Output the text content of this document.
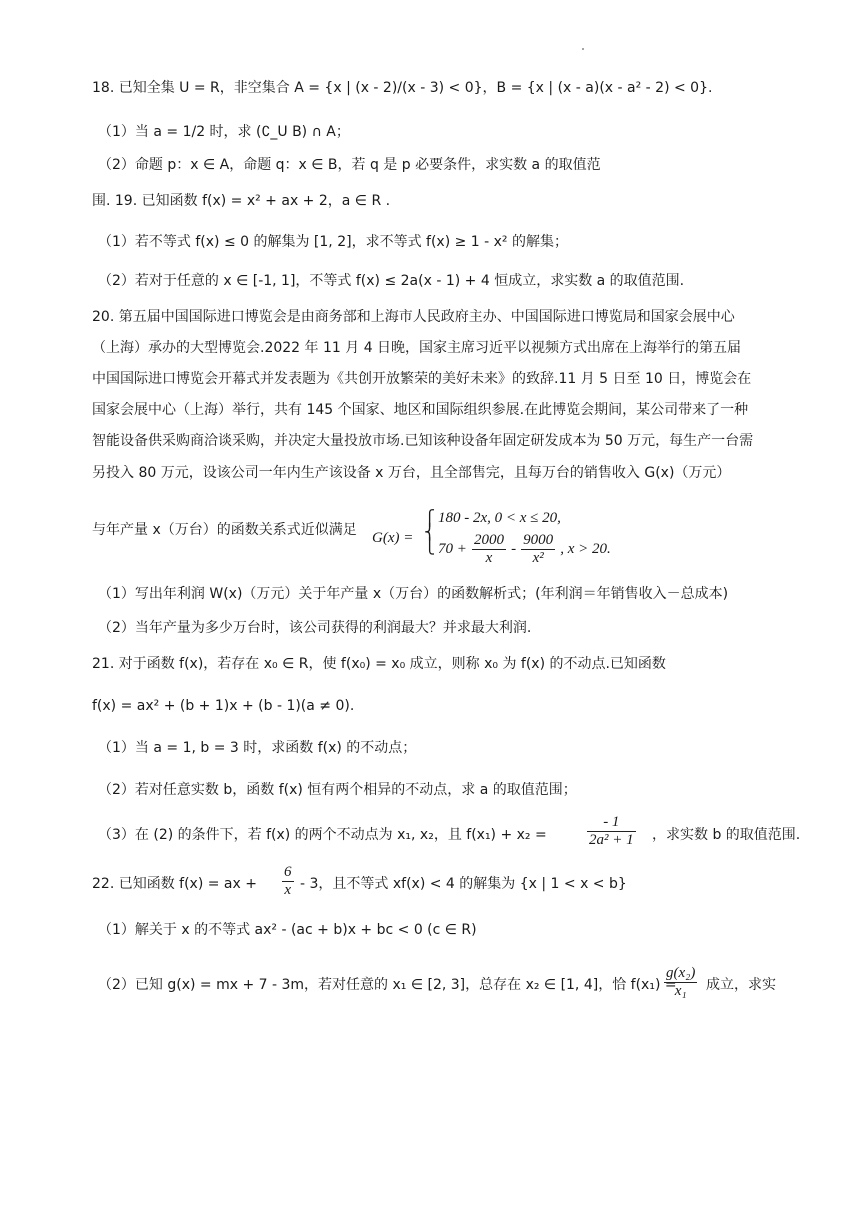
18. 已知全集 U = R，非空集合 A = {x | (x - 2)/(x - 3) < 0}，B = {x | (x - a)(x - a² - 2) < 0}.
（1）当 a = 1/2 时，求 (∁_U B) ∩ A；
（2）命题 p：x ∈ A，命题 q：x ∈ B，若 q 是 p 必要条件，求实数 a 的取值范
围. 19. 已知函数 f(x) = x² + ax + 2，a ∈ R .
（1）若不等式 f(x) ≤ 0 的解集为 [1, 2]，求不等式 f(x) ≥ 1 - x² 的解集；
（2）若对于任意的 x ∈ [-1, 1]，不等式 f(x) ≤ 2a(x - 1) + 4 恒成立，求实数 a 的取值范围.
20. 第五届中国国际进口博览会是由商务部和上海市人民政府主办、中国国际进口博览局和国家会展中心
（上海）承办的大型博览会.2022 年 11 月 4 日晚，国家主席习近平以视频方式出席在上海举行的第五届
中国国际进口博览会开幕式并发表题为《共创开放繁荣的美好未来》的致辞.11 月 5 日至 10 日，博览会在
国家会展中心（上海）举行，共有 145 个国家、地区和国际组织参展.在此博览会期间，某公司带来了一种
智能设备供采购商洽谈采购，并决定大量投放市场.已知该种设备年固定研发成本为 50 万元，每生产一台需
另投入 80 万元，设该公司一年内生产该设备 x 万台，且全部售完，且每万台的销售收入 G(x)（万元）
与年产量 x（万台）的函数关系式近似满足 G(x) =
⎧
⎨
⎩
180 - 2x, 0 < x ≤ 20,
$70 + \frac{2000}{x} - \frac{9000}{\text{x²}}$ , x > 20.
（1）写出年利润 W(x)（万元）关于年产量 x（万台）的函数解析式；(年利润＝年销售收入－总成本)
（2）当年产量为多少万台时，该公司获得的利润最大？并求最大利润.
21. 对于函数 f(x)，若存在 x₀ ∈ R，使 f(x₀) = x₀ 成立，则称 x₀ 为 f(x) 的不动点.已知函数
f(x) = ax² + (b + 1)x + (b - 1)(a ≠ 0).
（1）当 a = 1, b = 3 时，求函数 f(x) 的不动点；
（2）若对任意实数 b，函数 f(x) 恒有两个相异的不动点，求 a 的取值范围；
（3）在 (2) 的条件下，若 f(x) 的两个不动点为 x₁, x₂，且 f(x₁) + x₂ =	$\frac{- 1}{\text{2a² + 1}}$ ，求实数 b 的取值范围.
22. 已知函数 f(x) = ax + $\frac{6}{x} - 3$，且不等式 xf(x) < 4 的解集为 {x | 1 < x < b}
（1）解关于 x 的不等式 ax² - (ac + b)x + bc < 0 (c ∈ R)
（2）已知 g(x) = mx + 7 - 3m，若对任意的 x₁ ∈ [2, 3]，总存在 x₂ ∈ [1, 4]，恰 f(x₁) =
$\frac{\text{g(x₂)}}{\text{x₁}}$ 成立，求实
